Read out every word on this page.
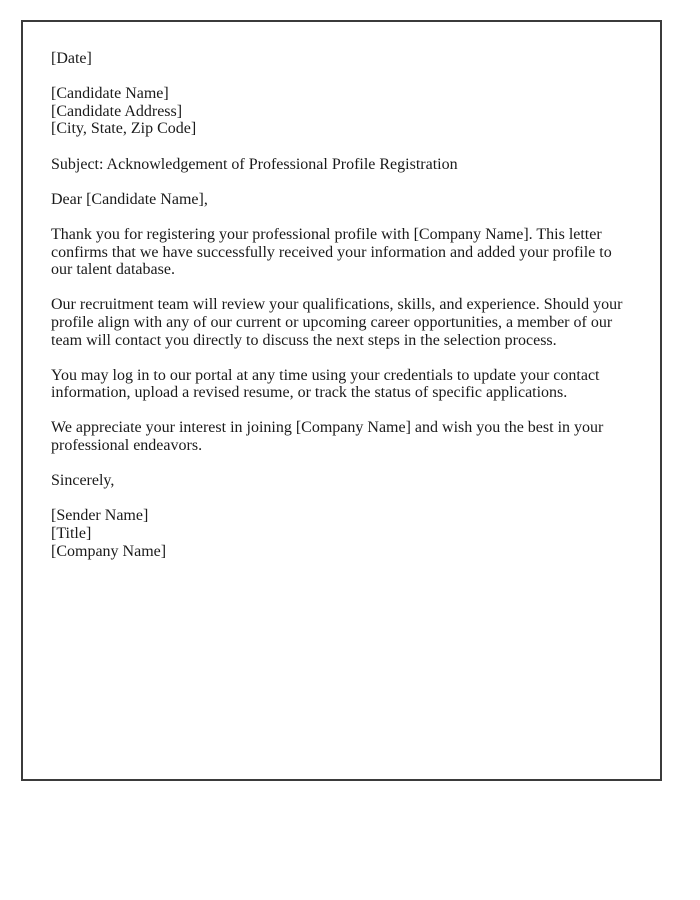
[Date]
[Candidate Name]
[Candidate Address]
[City, State, Zip Code]
Subject: Acknowledgement of Professional Profile Registration
Dear [Candidate Name],

Thank you for registering your professional profile with [Company Name]. This letter confirms that we have successfully received your information and added your profile to our talent database.

Our recruitment team will review your qualifications, skills, and experience. Should your profile align with any of our current or upcoming career opportunities, a member of our team will contact you directly to discuss the next steps in the selection process.

You may log in to our portal at any time using your credentials to update your contact information, upload a revised resume, or track the status of specific applications.

We appreciate your interest in joining [Company Name] and wish you the best in your professional endeavors.

Sincerely,
[Sender Name]
[Title]
[Company Name]
